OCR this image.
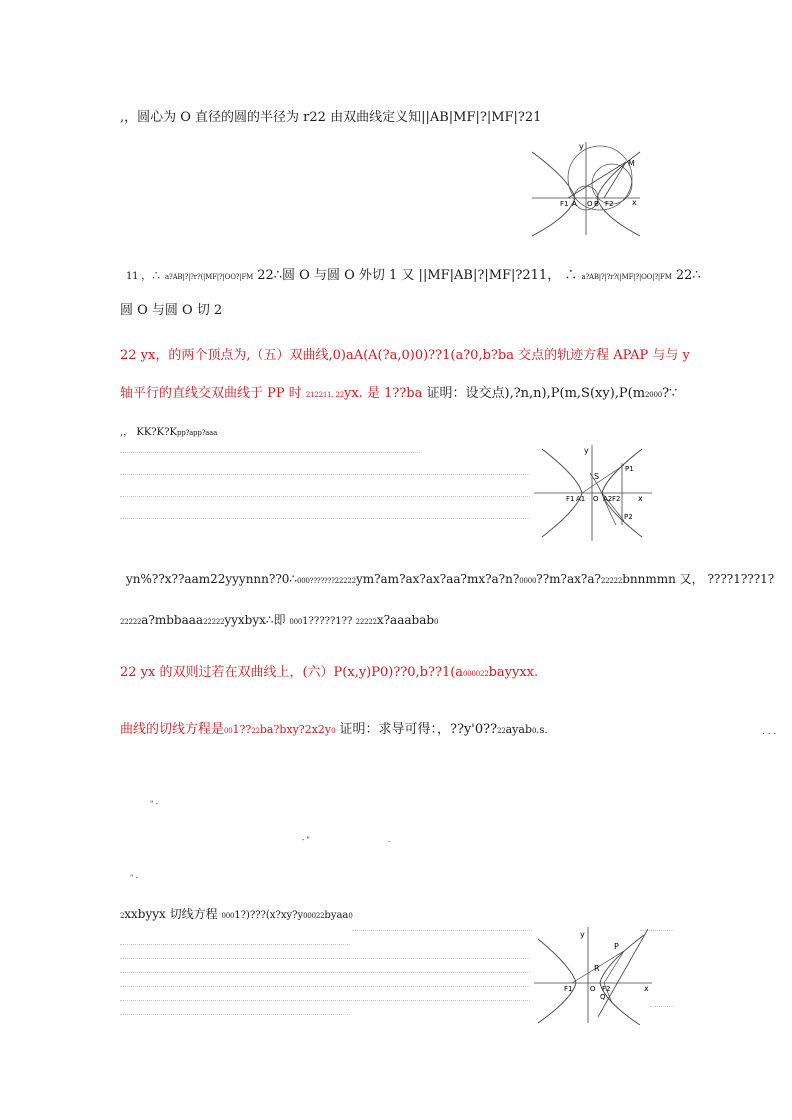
,，圆心为 O 直径的圆的半径为 r22 由双曲线定义知||AB|MF|?|MF|?21
y
M
x
F1 A O B F2
11 ，∴ a?AB|?|?r?(|MF|?|OO?|FM 22∴圆 O 与圆 O 外切 1 又 ||MF|AB|?|MF|?211， ∴ a?AB|?|?r?(|MF|?|OO|?|FM 22∴
圆 O 与圆 O 切 2
22 yx，的两个顶点为,（五）双曲线,0)aA(A(?a,0)0)??1(a?0,b?ba 交点的轨迹方程 APAP 与与 y
轴平行的直线交双曲线于 PP 时 212211. 22yx. 是 1??ba 证明：设交点),?n,n),P(m,S(xy),P(m2000?∵
,， KK?K?Kpp?app?aaa
y
S
P1
x
F1 A1 O A2 F2
P2
yn%??x??aam22yyynnn??0∴000???????22222ym?am?ax?ax?aa?mx?a?n?0000??m?ax?a?22222bnnmmn 又， ????1???1?
22222a?mbbaaa22222yyxbyx∴即 0001?????1?? 22222x?aaabab0
22 yx 的双则过若在双曲线上，(六）P(x,y)P0)??0,b??1(a000022bayyxx.
曲线的切线方程是001??22ba?bxy?2x2y0 证明：求导可得：，??y'0??22ayab0.s.	. . .
" -
- "	.
" -
2xxbyyx 切线方程 0001?)???(x?xy?y00022byaa0
y
P
R
x
F1	O F2
Q
